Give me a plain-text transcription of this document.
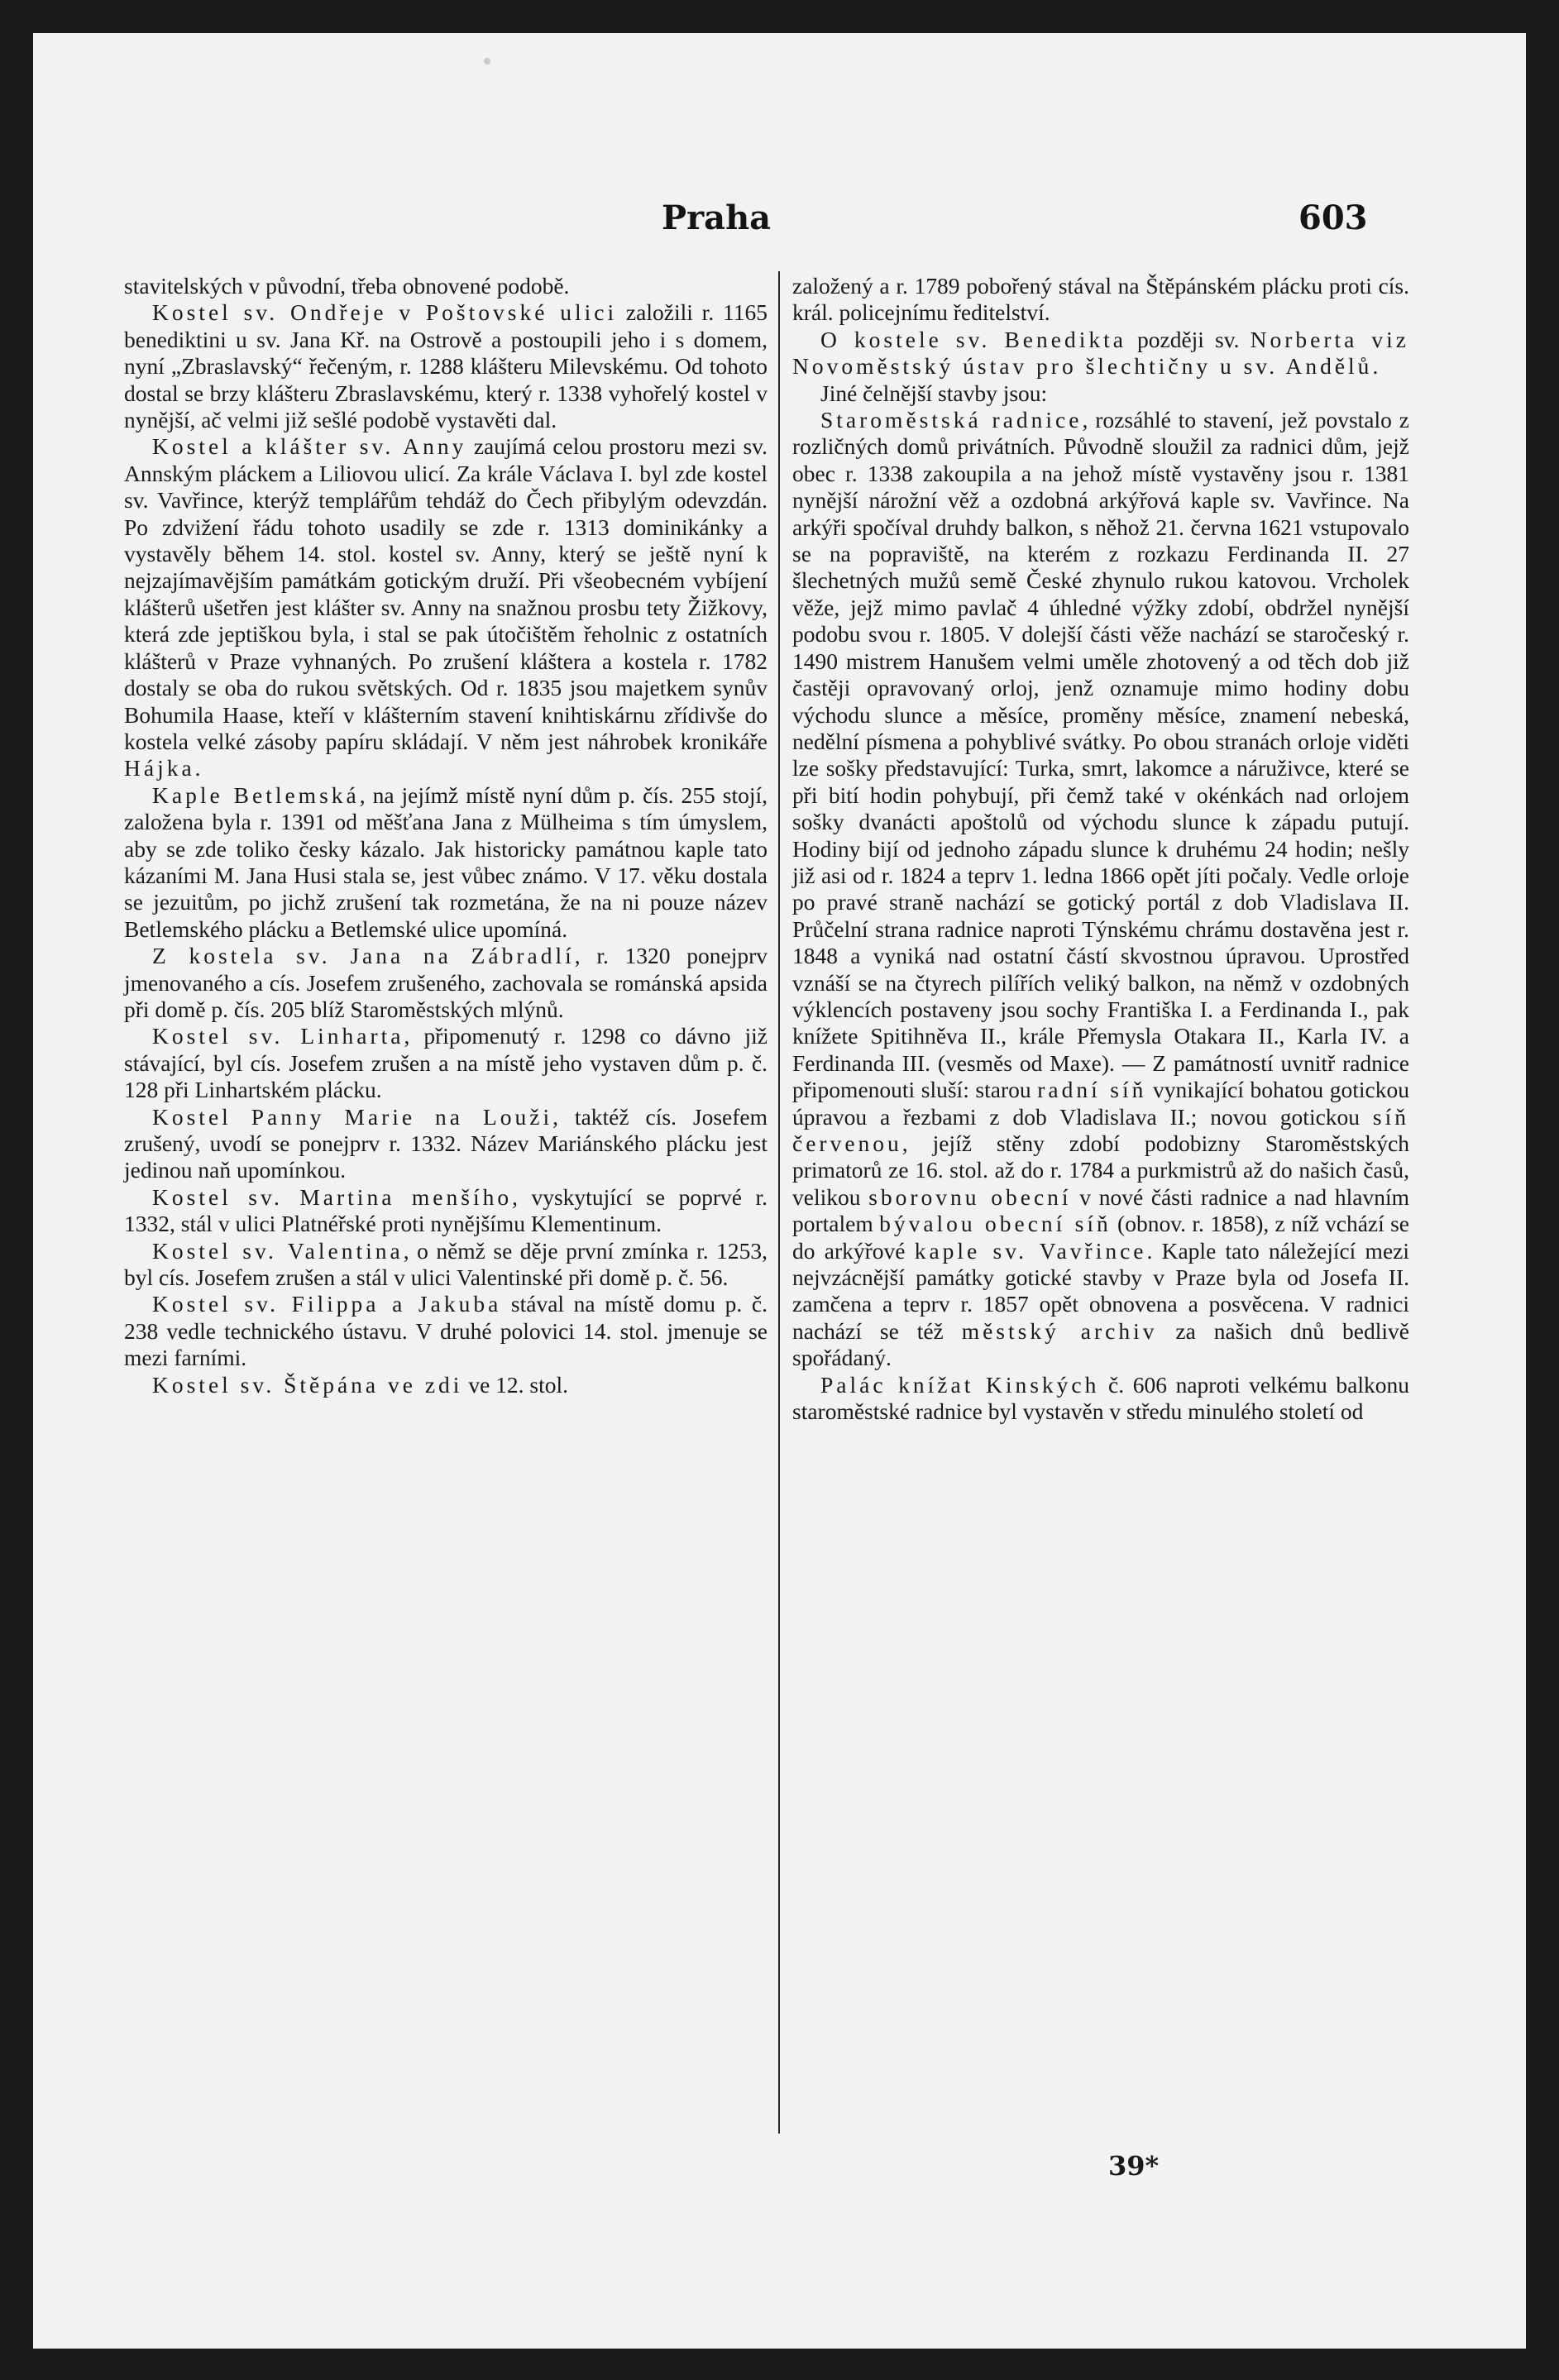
Praha	603

stavitelských v původní, třeba obnovené podobě.

Kostel sv. Ondřeje v Poštovské ulici založili r. 1165 benediktini u sv. Jana Kř. na Ostrově a postoupili jeho i s domem, nyní „Zbraslavský“ řečeným, r. 1288 klášteru Milevskému. Od tohoto dostal se brzy klášteru Zbraslavskému, který r. 1338 vyhořelý kostel v nynější, ač velmi již sešlé podobě vystavěti dal.

Kostel a klášter sv. Anny zaujímá celou prostoru mezi sv. Annským pláckem a Liliovou ulicí. Za krále Václava I. byl zde kostel sv. Vavřince, kterýž templářům tehdáž do Čech přibylým odevzdán. Po zdvižení řádu tohoto usadily se zde r. 1313 dominikánky a vystavěly během 14. stol. kostel sv. Anny, který se ještě nyní k nejzajímavějším památkám gotickým druží. Při všeobecném vybíjení klášterů ušetřen jest klášter sv. Anny na snažnou prosbu tety Žižkovy, která zde jeptiškou byla, i stal se pak útočištěm řeholnic z ostatních klášterů v Praze vyhnaných. Po zrušení kláštera a kostela r. 1782 dostaly se oba do rukou světských. Od r. 1835 jsou majetkem synův Bohumila Haase, kteří v klášterním stavení knihtiskárnu zřídivše do kostela velké zásoby papíru skládají. V něm jest náhrobek kronikáře Hájka.

Kaple Betlemská, na jejímž místě nyní dům p. čís. 255 stojí, založena byla r. 1391 od měšťana Jana z Mülheima s tím úmyslem, aby se zde toliko česky kázalo. Jak historicky památnou kaple tato kázaními M. Jana Husi stala se, jest vůbec známo. V 17. věku dostala se jezuitům, po jichž zrušení tak rozmetána, že na ni pouze název Betlemského plácku a Betlemské ulice upomíná.

Z kostela sv. Jana na Zábradlí, r. 1320 ponejprv jmenovaného a cís. Josefem zrušeného, zachovala se románská apsida při domě p. čís. 205 blíž Staroměstských mlýnů.

Kostel sv. Linharta, připomenutý r. 1298 co dávno již stávající, byl cís. Josefem zrušen a na místě jeho vystaven dům p. č. 128 při Linhartském plácku.

Kostel Panny Marie na Louži, taktéž cís. Josefem zrušený, uvodí se ponejprv r. 1332. Název Mariánského plácku jest jedinou naň upomínkou.

Kostel sv. Martina menšího, vyskytující se poprvé r. 1332, stál v ulici Platnéřské proti nynějšímu Klementinum.

Kostel sv. Valentina, o němž se děje první zmínka r. 1253, byl cís. Josefem zrušen a stál v ulici Valentinské při domě p. č. 56.

Kostel sv. Filippa a Jakuba stával na místě domu p. č. 238 vedle technického ústavu. V druhé polovici 14. stol. jmenuje se mezi farními.

Kostel sv. Štěpána ve zdi ve 12. stol.

založený a r. 1789 pobořený stával na Štěpánském plácku proti cís. král. policejnímu ředitelství.

O kostele sv. Benedikta později sv. Norberta viz Novoměstský ústav pro šlechtičny u sv. Andělů.

Jiné čelnější stavby jsou:

Staroměstská radnice, rozsáhlé to stavení, jež povstalo z rozličných domů privátních. Původně sloužil za radnici dům, jejž obec r. 1338 zakoupila a na jehož místě vystavěny jsou r. 1381 nynější nárožní věž a ozdobná arkýřová kaple sv. Vavřince. Na arkýři spočíval druhdy balkon, s něhož 21. června 1621 vstupovalo se na popraviště, na kterém z rozkazu Ferdinanda II. 27 šlechetných mužů semě České zhynulo rukou katovou. Vrcholek věže, jejž mimo pavlač 4 úhledné výžky zdobí, obdržel nynější podobu svou r. 1805. V dolejší části věže nachází se staročeský r. 1490 mistrem Hanušem velmi uměle zhotovený a od těch dob již častěji opravovaný orloj, jenž oznamuje mimo hodiny dobu východu slunce a měsíce, proměny měsíce, znamení nebeská, nedělní písmena a pohyblivé svátky. Po obou stranách orloje viděti lze sošky představující: Turka, smrt, lakomce a náruživce, které se při bití hodin pohybují, při čemž také v okénkách nad orlojem sošky dvanácti apoštolů od východu slunce k západu putují. Hodiny bijí od jednoho západu slunce k druhému 24 hodin; nešly již asi od r. 1824 a teprv 1. ledna 1866 opět jíti počaly. Vedle orloje po pravé straně nachází se gotický portál z dob Vladislava II. Průčelní strana radnice naproti Týnskému chrámu dostavěna jest r. 1848 a vyniká nad ostatní částí skvostnou úpravou. Uprostřed vznáší se na čtyrech pilířích veliký balkon, na němž v ozdobných výklencích postaveny jsou sochy Františka I. a Ferdinanda I., pak knížete Spitihněva II., krále Přemysla Otakara II., Karla IV. a Ferdinanda III. (vesměs od Maxe). — Z památností uvnitř radnice připomenouti sluší: starou radní síň vynikající bohatou gotickou úpravou a řezbami z dob Vladislava II.; novou gotickou síň červenou, jejíž stěny zdobí podobizny Staroměstských primatorů ze 16. stol. až do r. 1784 a purkmistrů až do našich časů, velikou sborovnu obecní v nové části radnice a nad hlavním portalem bývalou obecní síň (obnov. r. 1858), z níž vchází se do arkýřové kaple sv. Vavřince. Kaple tato náležející mezi nejvzácnější památky gotické stavby v Praze byla od Josefa II. zamčena a teprv r. 1857 opět obnovena a posvěcena. V radnici nachází se též městský archiv za našich dnů bedlivě spořádaný.

Palác knížat Kinských č. 606 naproti velkému balkonu staroměstské radnice byl vystavěn v středu minulého století od

39*
